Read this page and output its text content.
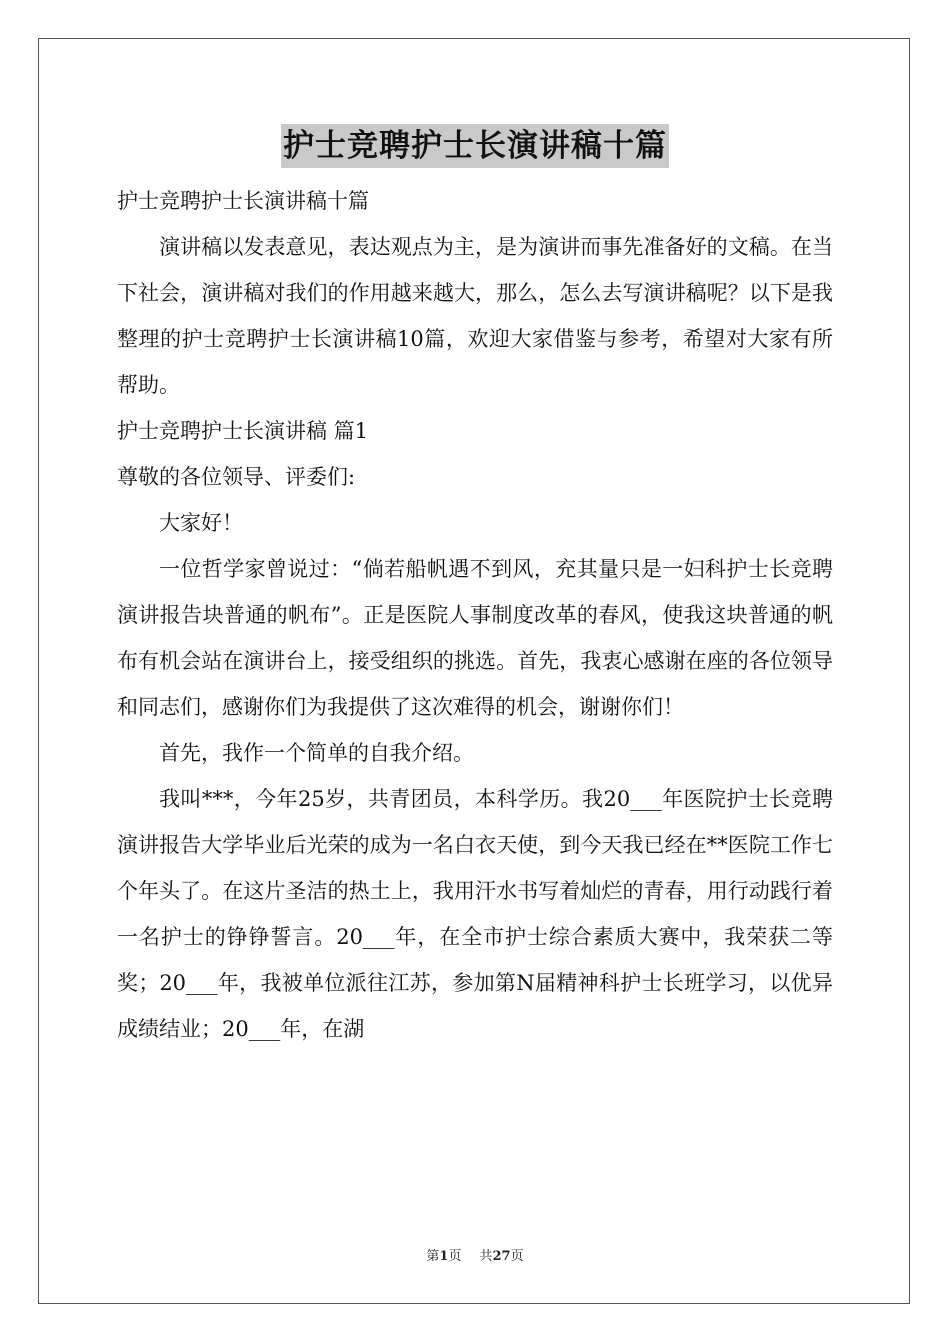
护士竞聘护士长演讲稿十篇

护士竞聘护士长演讲稿十篇

演讲稿以发表意见，表达观点为主，是为演讲而事先准备好的文稿。在当下社会，演讲稿对我们的作用越来越大，那么，怎么去写演讲稿呢？以下是我整理的护士竞聘护士长演讲稿10篇，欢迎大家借鉴与参考，希望对大家有所帮助。

护士竞聘护士长演讲稿 篇1

尊敬的各位领导、评委们:

大家好！

一位哲学家曾说过：“倘若船帆遇不到风，充其量只是一妇科护士长竞聘演讲报告块普通的帆布”。正是医院人事制度改革的春风，使我这块普通的帆布有机会站在演讲台上，接受组织的挑选。首先，我衷心感谢在座的各位领导和同志们，感谢你们为我提供了这次难得的机会，谢谢你们！

首先，我作一个简单的自我介绍。

我叫***，今年25岁，共青团员，本科学历。我20___年医院护士长竞聘演讲报告大学毕业后光荣的成为一名白衣天使，到今天我已经在**医院工作七个年头了。在这片圣洁的热土上，我用汗水书写着灿烂的青春，用行动践行着一名护士的铮铮誓言。20___年，在全市护士综合素质大赛中，我荣获二等奖；20___年，我被单位派往江苏，参加第N届精神科护士长班学习，以优异成绩结业；20___年，在湖

第1页 共27页
